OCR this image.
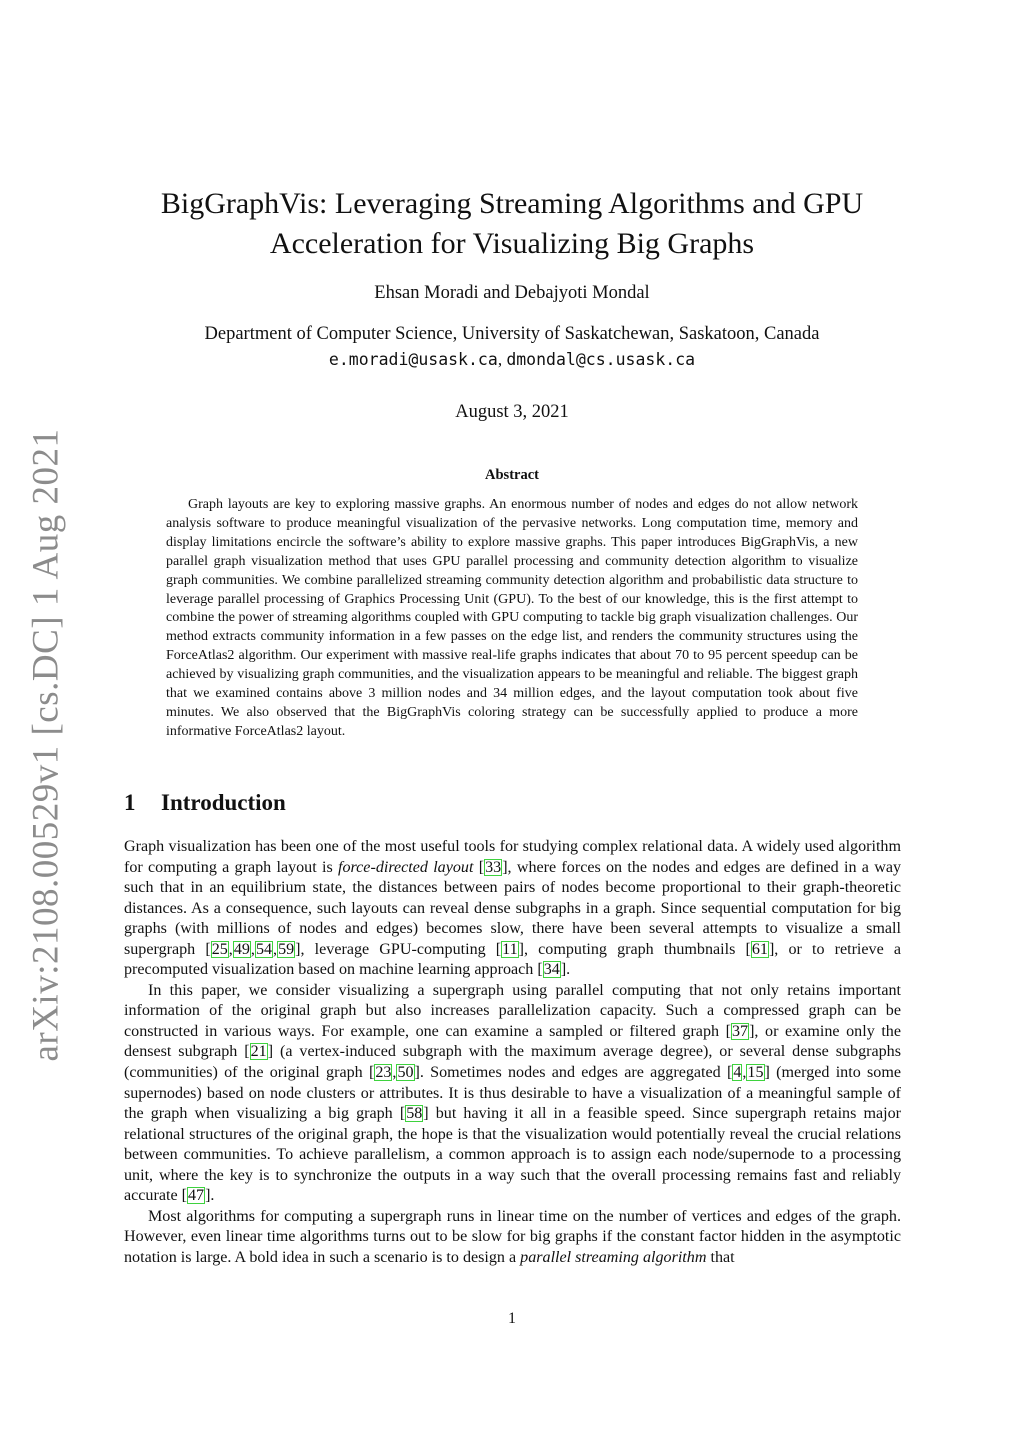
arXiv:2108.00529v1 [cs.DC] 1 Aug 2021
BigGraphVis: Leveraging Streaming Algorithms and GPU
Acceleration for Visualizing Big Graphs
Ehsan Moradi and Debajyoti Mondal
Department of Computer Science, University of Saskatchewan, Saskatoon, Canada
e.moradi@usask.ca, dmondal@cs.usask.ca
August 3, 2021
Abstract
Graph layouts are key to exploring massive graphs. An enormous number of nodes and edges do not allow network analysis software to produce meaningful visualization of the pervasive networks. Long computation time, memory and display limitations encircle the software’s ability to explore massive graphs. This paper introduces BigGraphVis, a new parallel graph visualization method that uses GPU parallel processing and community detection algorithm to visualize graph communities. We combine parallelized streaming community detection algorithm and probabilistic data structure to leverage parallel processing of Graphics Processing Unit (GPU). To the best of our knowledge, this is the first attempt to combine the power of streaming algorithms coupled with GPU computing to tackle big graph visualization challenges. Our method extracts community information in a few passes on the edge list, and renders the community structures using the ForceAtlas2 algorithm. Our experiment with massive real-life graphs indicates that about 70 to 95 percent speedup can be achieved by visualizing graph communities, and the visualization appears to be meaningful and reliable. The biggest graph that we examined contains above 3 million nodes and 34 million edges, and the layout computation took about five minutes. We also observed that the BigGraphVis coloring strategy can be successfully applied to produce a more informative ForceAtlas2 layout.
1 Introduction

Graph visualization has been one of the most useful tools for studying complex relational data. A widely used algorithm for computing a graph layout is force-directed layout [33], where forces on the nodes and edges are defined in a way such that in an equilibrium state, the distances between pairs of nodes become proportional to their graph-theoretic distances. As a consequence, such layouts can reveal dense subgraphs in a graph. Since sequential computation for big graphs (with millions of nodes and edges) becomes slow, there have been several attempts to visualize a small supergraph [25,49,54,59], leverage GPU-computing [11], computing graph thumbnails [61], or to retrieve a precomputed visualization based on machine learning approach [34].

In this paper, we consider visualizing a supergraph using parallel computing that not only retains important information of the original graph but also increases parallelization capacity. Such a compressed graph can be constructed in various ways. For example, one can examine a sampled or filtered graph [37], or examine only the densest subgraph [21] (a vertex-induced subgraph with the maximum average degree), or several dense subgraphs (communities) of the original graph [23,50]. Sometimes nodes and edges are aggregated [4,15] (merged into some supernodes) based on node clusters or attributes. It is thus desirable to have a visualization of a meaningful sample of the graph when visualizing a big graph [58] but having it all in a feasible speed. Since supergraph retains major relational structures of the original graph, the hope is that the visualization would potentially reveal the crucial relations between communities. To achieve parallelism, a common approach is to assign each node/supernode to a processing unit, where the key is to synchronize the outputs in a way such that the overall processing remains fast and reliably accurate [47].

Most algorithms for computing a supergraph runs in linear time on the number of vertices and edges of the graph. However, even linear time algorithms turns out to be slow for big graphs if the constant factor hidden in the asymptotic notation is large. A bold idea in such a scenario is to design a parallel streaming algorithm that

1
